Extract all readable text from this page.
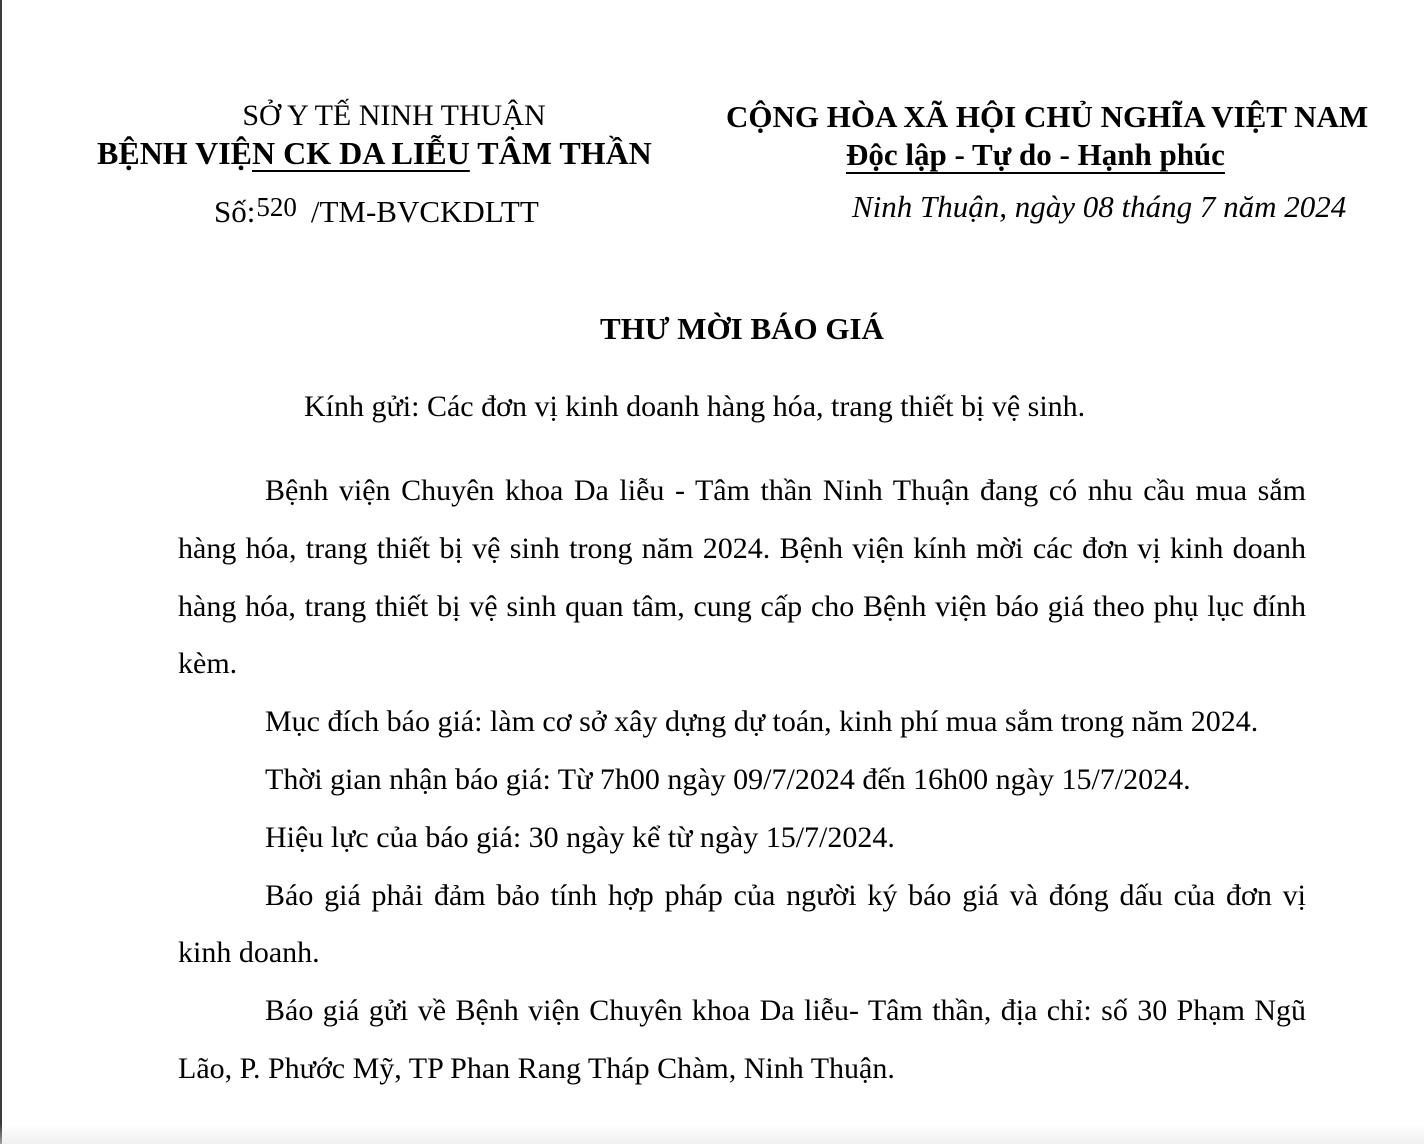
SỞ Y TẾ NINH THUẬN
BỆNH VIỆN CK DA LIỄU TÂM THẦN
Số:$^{520}$ /TM-BVCKDLTT
CỘNG HÒA XÃ HỘI CHỦ NGHĨA VIỆT NAM
Độc lập - Tự do - Hạnh phúc
Ninh Thuận, ngày 08 tháng 7 năm 2024
THƯ MỜI BÁO GIÁ
Kính gửi: Các đơn vị kinh doanh hàng hóa, trang thiết bị vệ sinh.

Bệnh viện Chuyên khoa Da liễu - Tâm thần Ninh Thuận đang có nhu cầu mua sắm hàng hóa, trang thiết bị vệ sinh trong năm 2024. Bệnh viện kính mời các đơn vị kinh doanh hàng hóa, trang thiết bị vệ sinh quan tâm, cung cấp cho Bệnh viện báo giá theo phụ lục đính kèm.

Mục đích báo giá: làm cơ sở xây dựng dự toán, kinh phí mua sắm trong năm 2024.

Thời gian nhận báo giá: Từ 7h00 ngày 09/7/2024 đến 16h00 ngày 15/7/2024.

Hiệu lực của báo giá: 30 ngày kể từ ngày 15/7/2024.

Báo giá phải đảm bảo tính hợp pháp của người ký báo giá và đóng dấu của đơn vị kinh doanh.

Báo giá gửi về Bệnh viện Chuyên khoa Da liễu- Tâm thần, địa chỉ: số 30 Phạm Ngũ Lão, P. Phước Mỹ, TP Phan Rang Tháp Chàm, Ninh Thuận.
